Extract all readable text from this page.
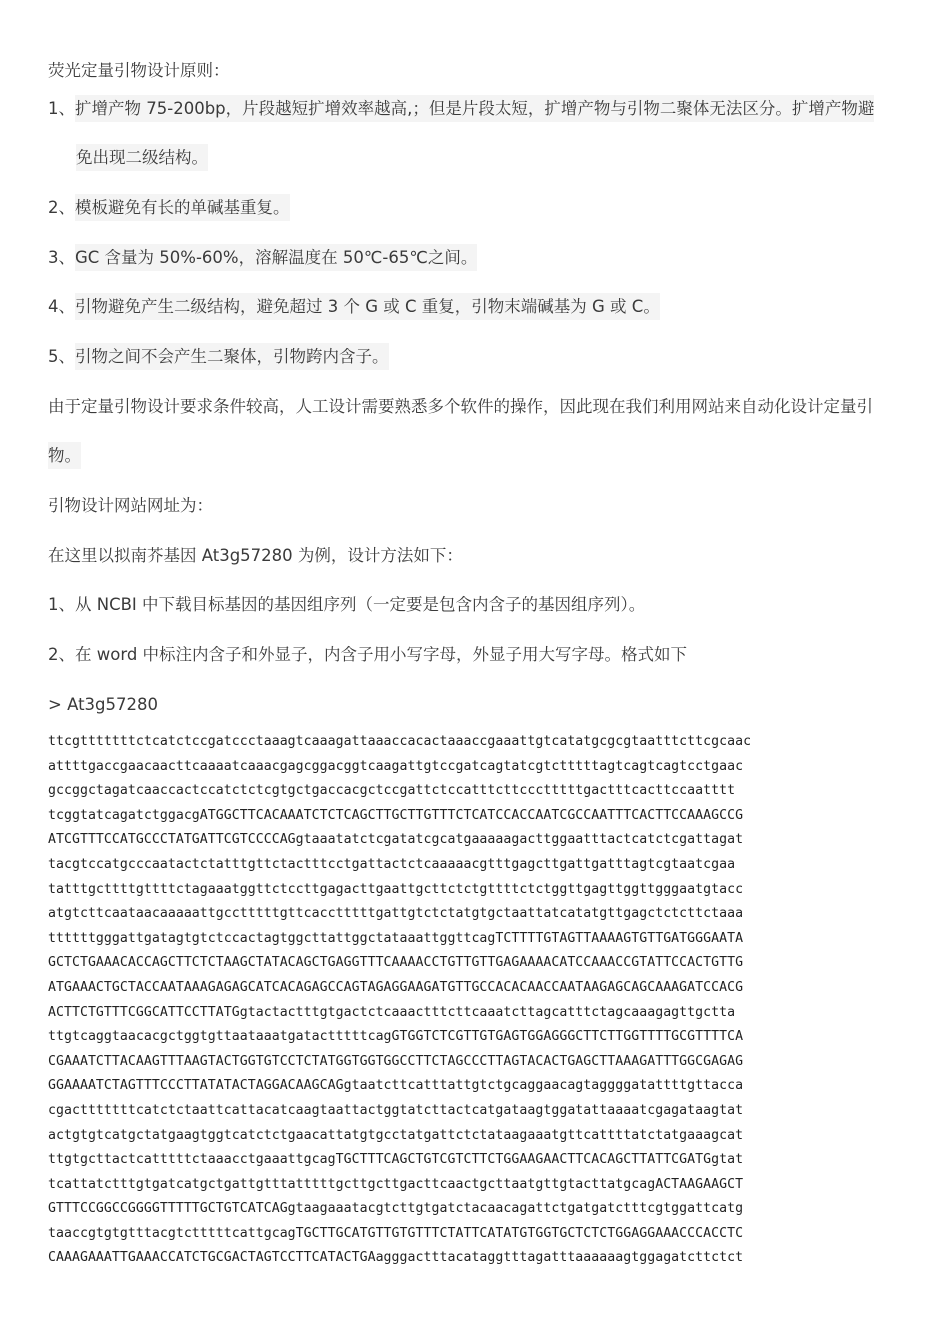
荧光定量引物设计原则：
1、扩增产物 75-200bp，片段越短扩增效率越高,；但是片段太短，扩增产物与引物二聚体无法区分。扩增产物避
免出现二级结构。
2、模板避免有长的单碱基重复。
3、GC 含量为 50%-60%，溶解温度在 50℃-65℃之间。
4、引物避免产生二级结构，避免超过 3 个 G 或 C 重复，引物末端碱基为 G 或 C。
5、引物之间不会产生二聚体，引物跨内含子。
由于定量引物设计要求条件较高，人工设计需要熟悉多个软件的操作，因此现在我们利用网站来自动化设计定量引
物。
引物设计网站网址为：
在这里以拟南芥基因 At3g57280 为例，设计方法如下：
1、从 NCBI 中下载目标基因的基因组序列（一定要是包含内含子的基因组序列）。
2、在 word 中标注内含子和外显子，内含子用小写字母，外显子用大写字母。格式如下
> At3g57280
ttcgtttttttctcatctccgatccctaaagtcaaagattaaaccacactaaaccgaaattgtcatatgcgcgtaatttcttcgcaac
attttgaccgaacaacttcaaaatcaaacgagcggacggtcaagattgtccgatcagtatcgtctttttagtcagtcagtcctgaac
gccggctagatcaaccactccatctctcgtgctgaccacgctccgattctccatttcttccctttttgactttcacttccaatttt
tcggtatcagatctggacgATGGCTTCACAAATCTCTCAGCTTGCTTGTTTCTCATCCACCAATCGCCAATTTCACTTCCAAAGCCG
ATCGTTTCCATGCCCTATGATTCGTCCCCAGgtaaatatctcgatatcgcatgaaaaagacttggaatttactcatctcgattagat
tacgtccatgcccaatactctatttgttctactttcctgattactctcaaaaacgtttgagcttgattgatttagtcgtaatcgaa
tatttgcttttgttttctagaaatggttctccttgagacttgaattgcttctctgttttctctggttgagttggttgggaatgtacc
atgtcttcaataacaaaaattgcctttttgttcacctttttgattgtctctatgtgctaattatcatatgttgagctctcttctaaa
ttttttgggattgatagtgtctccactagtggcttattggctataaattggttcagTCTTTTGTAGTTAAAAGTGTTGATGGGAATA
GCTCTGAAACACCAGCTTCTCTAAGCTATACAGCTGAGGTTTCAAAACCTGTTGTTGAGAAAACATCCAAACCGTATTCCACTGTTG
ATGAAACTGCTACCAATAAAGAGAGCATCACAGAGCCAGTAGAGGAAGATGTTGCCACACAACCAATAAGAGCAGCAAAGATCCACG
ACTTCTGTTTCGGCATTCCTTATGgtactactttgtgactctcaaactttcttcaaatcttagcatttctagcaaagagttgctta
ttgtcaggtaacacgctggtgttaataaatgatactttttcagGTGGTCTCGTTGTGAGTGGAGGGCTTCTTGGTTTTGCGTTTTCA
CGAAATCTTACAAGTTTAAGTACTGGTGTCCTCTATGGTGGTGGCCTTCTAGCCCTTAGTACACTGAGCTTAAAGATTTGGCGAGAG
GGAAAATCTAGTTTCCCTTATATACTAGGACAAGCAGgtaatcttcatttattgtctgcaggaacagtaggggatattttgttacca
cgactttttttcatctctaattcattacatcaagtaattactggtatcttactcatgataagtggatattaaaatcgagataagtat
actgtgtcatgctatgaagtggtcatctctgaacattatgtgcctatgattctctataagaaatgttcattttatctatgaaagcat
ttgtgcttactcatttttctaaacctgaaattgcagTGCTTTCAGCTGTCGTCTTCTGGAAGAACTTCACAGCTTATTCGATGgtat
tcattatctttgtgatcatgctgattgtttatttttgcttgcttgacttcaactgcttaatgttgtacttatgcagACTAAGAAGCT
GTTTCCGGCCGGGGTTTTTGCTGTCATCAGgtaagaaatacgtcttgtgatctacaacagattctgatgatctttcgtggattcatg
taaccgtgtgtttacgtctttttcattgcagTGCTTGCATGTTGTGTTTCTATTCATATGTGGTGCTCTCTGGAGGAAACCCACCTC
CAAAGAAATTGAAACCATCTGCGACTAGTCCTTCATACTGAagggactttacataggtttagatttaaaaaagtggagatcttctct
